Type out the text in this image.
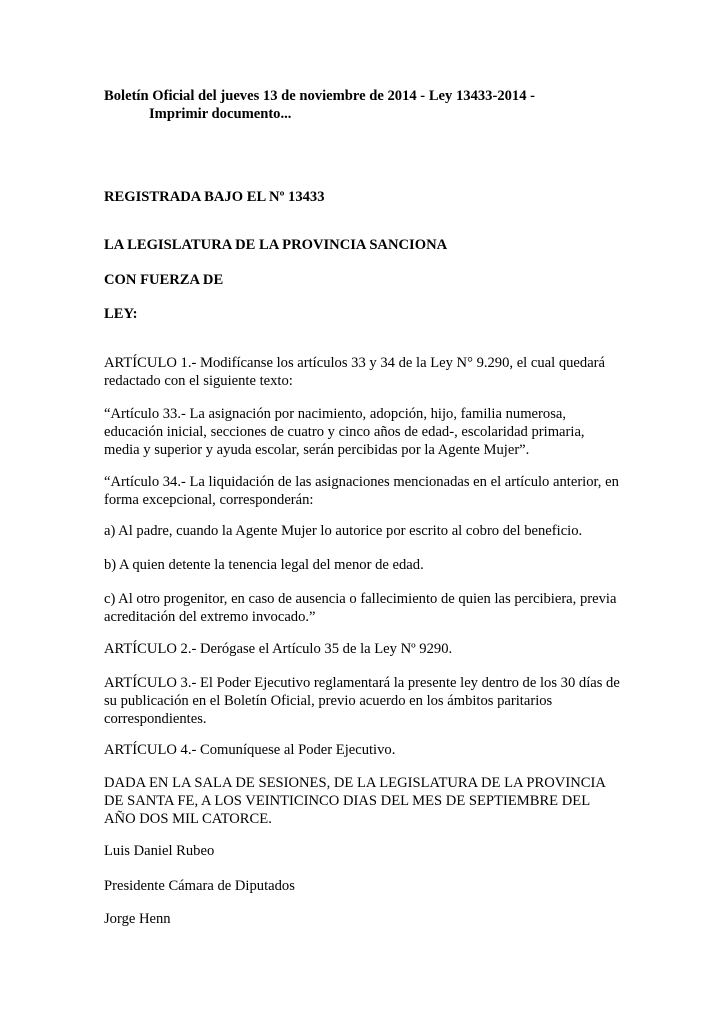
Boletín Oficial del jueves 13 de noviembre de 2014 - Ley 13433-2014 -
Imprimir documento...
REGISTRADA BAJO EL Nº 13433
LA LEGISLATURA DE LA PROVINCIA SANCIONA
CON FUERZA DE
LEY:
ARTÍCULO 1.- Modifícanse los artículos 33 y 34 de la Ley N° 9.290, el cual quedará
redactado con el siguiente texto:
“Artículo 33.- La asignación por nacimiento, adopción, hijo, familia numerosa,
educación inicial, secciones de cuatro y cinco años de edad-, escolaridad primaria,
media y superior y ayuda escolar, serán percibidas por la Agente Mujer”.
“Artículo 34.- La liquidación de las asignaciones mencionadas en el artículo anterior, en
forma excepcional, corresponderán:
a) Al padre, cuando la Agente Mujer lo autorice por escrito al cobro del beneficio.
b) A quien detente la tenencia legal del menor de edad.
c) Al otro progenitor, en caso de ausencia o fallecimiento de quien las percibiera, previa
acreditación del extremo invocado.”
ARTÍCULO 2.- Derógase el Artículo 35 de la Ley Nº 9290.
ARTÍCULO 3.- El Poder Ejecutivo reglamentará la presente ley dentro de los 30 días de
su publicación en el Boletín Oficial, previo acuerdo en los ámbitos paritarios
correspondientes.
ARTÍCULO 4.- Comuníquese al Poder Ejecutivo.
DADA EN LA SALA DE SESIONES, DE LA LEGISLATURA DE LA PROVINCIA
DE SANTA FE, A LOS VEINTICINCO DIAS DEL MES DE SEPTIEMBRE DEL
AÑO DOS MIL CATORCE.
Luis Daniel Rubeo
Presidente Cámara de Diputados
Jorge Henn
